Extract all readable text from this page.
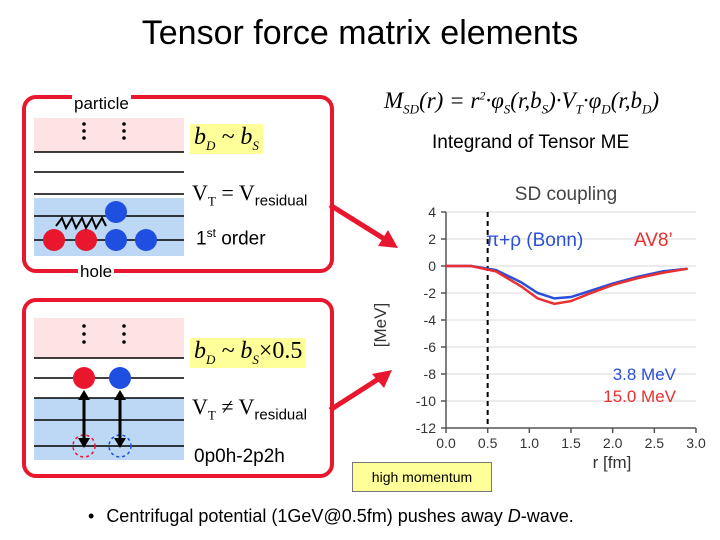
Tensor force matrix elements
particle
$b_D$ ~ $b_S$
$V_T = V_{residual}$
1st order
hole
$b_D$ ~ $b_S\times 0.5$
$V_T \ne V_{residual}$
0p0h-2p2h
$M_{SD}(r) = r^2\cdot\varphi_S(r,b_S)\cdot V_T\cdot\varphi_D(r,b_D)$
Integrand of Tensor ME
SD coupling
[MeV]
r [fm]
4
2
0
-2
-4
-6
-8
-10
-12
0.0 0.5 1.0 1.5 2.0 2.5 3.0
π+ρ (Bonn)	AV8’
3.8 MeV
15.0 MeV
high momentum
• Centrifugal potential (1GeV@0.5fm) pushes away D-wave.
